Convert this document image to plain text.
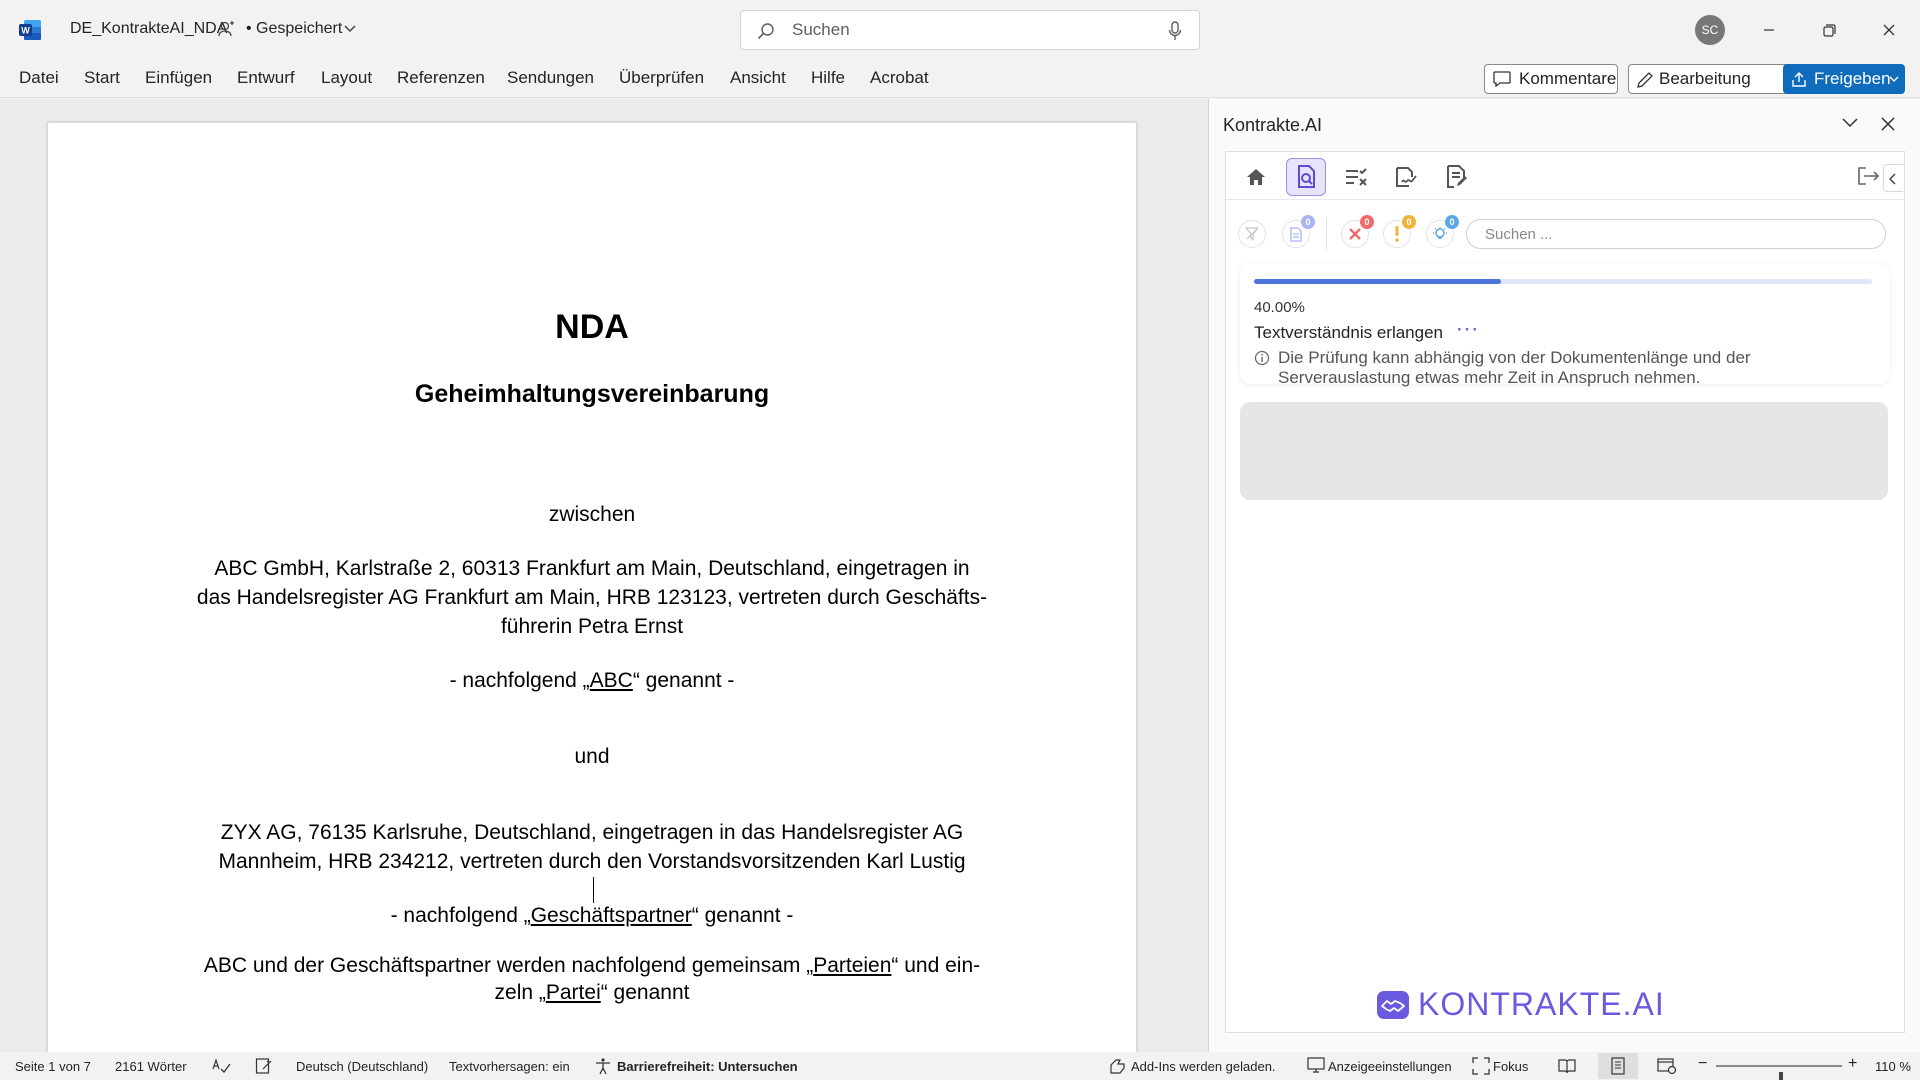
W	DE_KontrakteAI_NDA • Gespeichert	Suchen	SC
Datei Start Einfügen Entwurf Layout Referenzen Sendungen Überprüfen Ansicht Hilfe Acrobat	Kommentare	Bearbeitung	Freigeben
NDA
Geheimhaltungsvereinbarung
zwischen
ABC GmbH, Karlstraße 2, 60313 Frankfurt am Main, Deutschland, eingetragen in
das Handelsregister AG Frankfurt am Main, HRB 123123, vertreten durch Geschäfts-
führerin Petra Ernst
- nachfolgend „ABC“ genannt -
und
ZYX AG, 76135 Karlsruhe, Deutschland, eingetragen in das Handelsregister AG
Mannheim, HRB 234212, vertreten durch den Vorstandsvorsitzenden Karl Lustig
- nachfolgend „Geschäftspartner“ genannt -
ABC und der Geschäftspartner werden nachfolgend gemeinsam „Parteien“ und ein-
zeln „Partei“ genannt
Kontrakte.AI
0	0	0	0
Suchen ...
40.00%
Textverständnis erlangen ···
Die Prüfung kann abhängig von der Dokumentenlänge und der Serverauslastung etwas mehr Zeit in Anspruch nehmen.
KONTRAKTE.AI
Seite 1 von 7 2161 Wörter	Deutsch (Deutschland) Textvorhersagen: ein	Barrierefreiheit: Untersuchen	Add-Ins werden geladen.	Anzeigeeinstellungen	Fokus	−	+ 110 %
